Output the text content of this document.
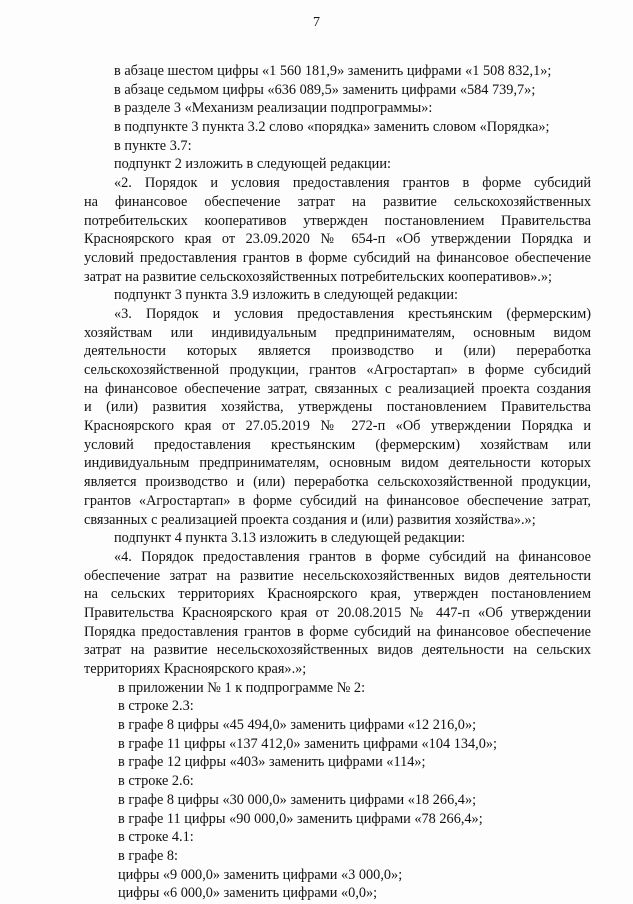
7
в абзаце шестом цифры «1 560 181,9» заменить цифрами «1 508 832,1»;
в абзаце седьмом цифры «636 089,5» заменить цифрами «584 739,7»;
в разделе 3 «Механизм реализации подпрограммы»:
в подпункте 3 пункта 3.2 слово «порядка» заменить словом «Порядка»;
в пункте 3.7:
подпункт 2 изложить в следующей редакции:
«2. Порядок и условия предоставления грантов в форме субсидий
на финансовое обеспечение затрат на развитие сельскохозяйственных
потребительских кооперативов утвержден постановлением Правительства
Красноярского края от 23.09.2020 № 654-п «Об утверждении Порядка и
условий предоставления грантов в форме субсидий на финансовое обеспечение
затрат на развитие сельскохозяйственных потребительских кооперативов».»;
подпункт 3 пункта 3.9 изложить в следующей редакции:
«3. Порядок и условия предоставления крестьянским (фермерским)
хозяйствам или индивидуальным предпринимателям, основным видом
деятельности которых является производство и (или) переработка
сельскохозяйственной продукции, грантов «Агростартап» в форме субсидий
на финансовое обеспечение затрат, связанных с реализацией проекта создания
и (или) развития хозяйства, утверждены постановлением Правительства
Красноярского края от 27.05.2019 № 272-п «Об утверждении Порядка и
условий предоставления крестьянским (фермерским) хозяйствам или
индивидуальным предпринимателям, основным видом деятельности которых
является производство и (или) переработка сельскохозяйственной продукции,
грантов «Агростартап» в форме субсидий на финансовое обеспечение затрат,
связанных с реализацией проекта создания и (или) развития хозяйства».»;
подпункт 4 пункта 3.13 изложить в следующей редакции:
«4. Порядок предоставления грантов в форме субсидий на финансовое
обеспечение затрат на развитие несельскохозяйственных видов деятельности
на сельских территориях Красноярского края, утвержден постановлением
Правительства Красноярского края от 20.08.2015 № 447-п «Об утверждении
Порядка предоставления грантов в форме субсидий на финансовое обеспечение
затрат на развитие несельскохозяйственных видов деятельности на сельских
территориях Красноярского края».»;
в приложении № 1 к подпрограмме № 2:
в строке 2.3:
в графе 8 цифры «45 494,0» заменить цифрами «12 216,0»;
в графе 11 цифры «137 412,0» заменить цифрами «104 134,0»;
в графе 12 цифры «403» заменить цифрами «114»;
в строке 2.6:
в графе 8 цифры «30 000,0» заменить цифрами «18 266,4»;
в графе 11 цифры «90 000,0» заменить цифрами «78 266,4»;
в строке 4.1:
в графе 8:
цифры «9 000,0» заменить цифрами «3 000,0»;
цифры «6 000,0» заменить цифрами «0,0»;
